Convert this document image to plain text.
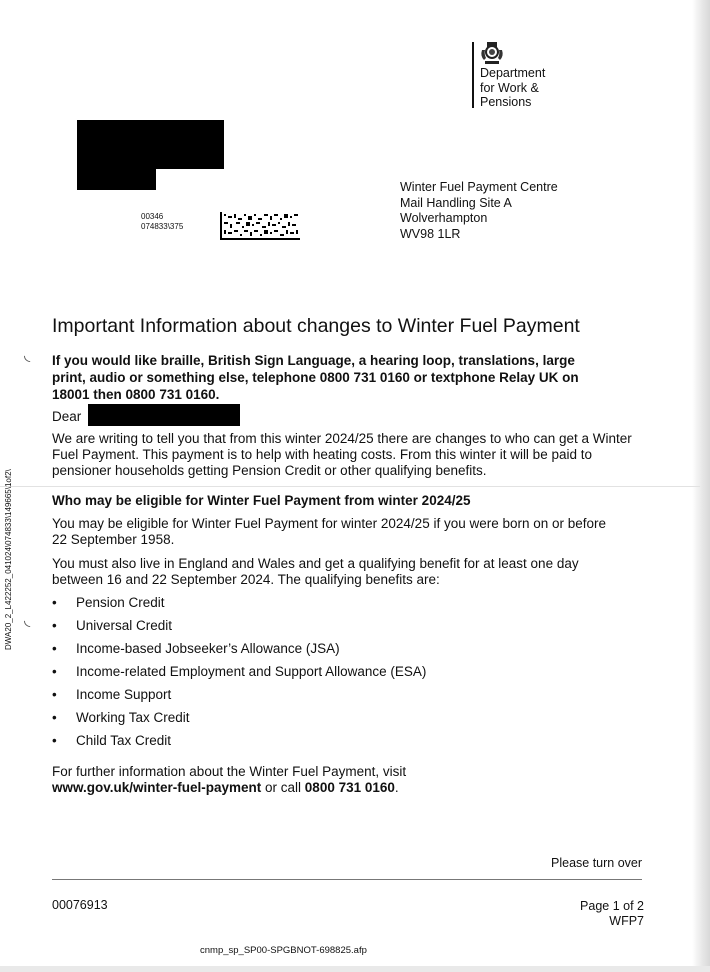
Department
for Work &
Pensions
00346
074833\375
Winter Fuel Payment Centre
Mail Handling Site A
Wolverhampton
WV98 1LR
Important Information about changes to Winter Fuel Payment
◟ If you would like braille, British Sign Language, a hearing loop, translations, large print, audio or something else, telephone 0800 731 0160 or textphone Relay UK on 18001 then 0800 731 0160.
Dear
We are writing to tell you that from this winter 2024/25 there are changes to who can get a Winter Fuel Payment. This payment is to help with heating costs. From this winter it will be paid to pensioner households getting Pension Credit or other qualifying benefits.
Who may be eligible for Winter Fuel Payment from winter 2024/25
You may be eligible for Winter Fuel Payment for winter 2024/25 if you were born on or before 22 September 1958.
You must also live in England and Wales and get a qualifying benefit for at least one day between 16 and 22 September 2024. The qualifying benefits are:
◟
• Pension Credit
• Universal Credit
• Income-based Jobseeker’s Allowance (JSA)
• Income-related Employment and Support Allowance (ESA)
• Income Support
• Working Tax Credit
• Child Tax Credit
For further information about the Winter Fuel Payment, visit
www.gov.uk/winter-fuel-payment or call 0800 731 0160.
Please turn over
00076913	Page 1 of 2
WFP7
cnmp_sp_SP00-SPGBNOT-698825.afp
DWA20_2_L422252_041024\074833\149665\1of2\
